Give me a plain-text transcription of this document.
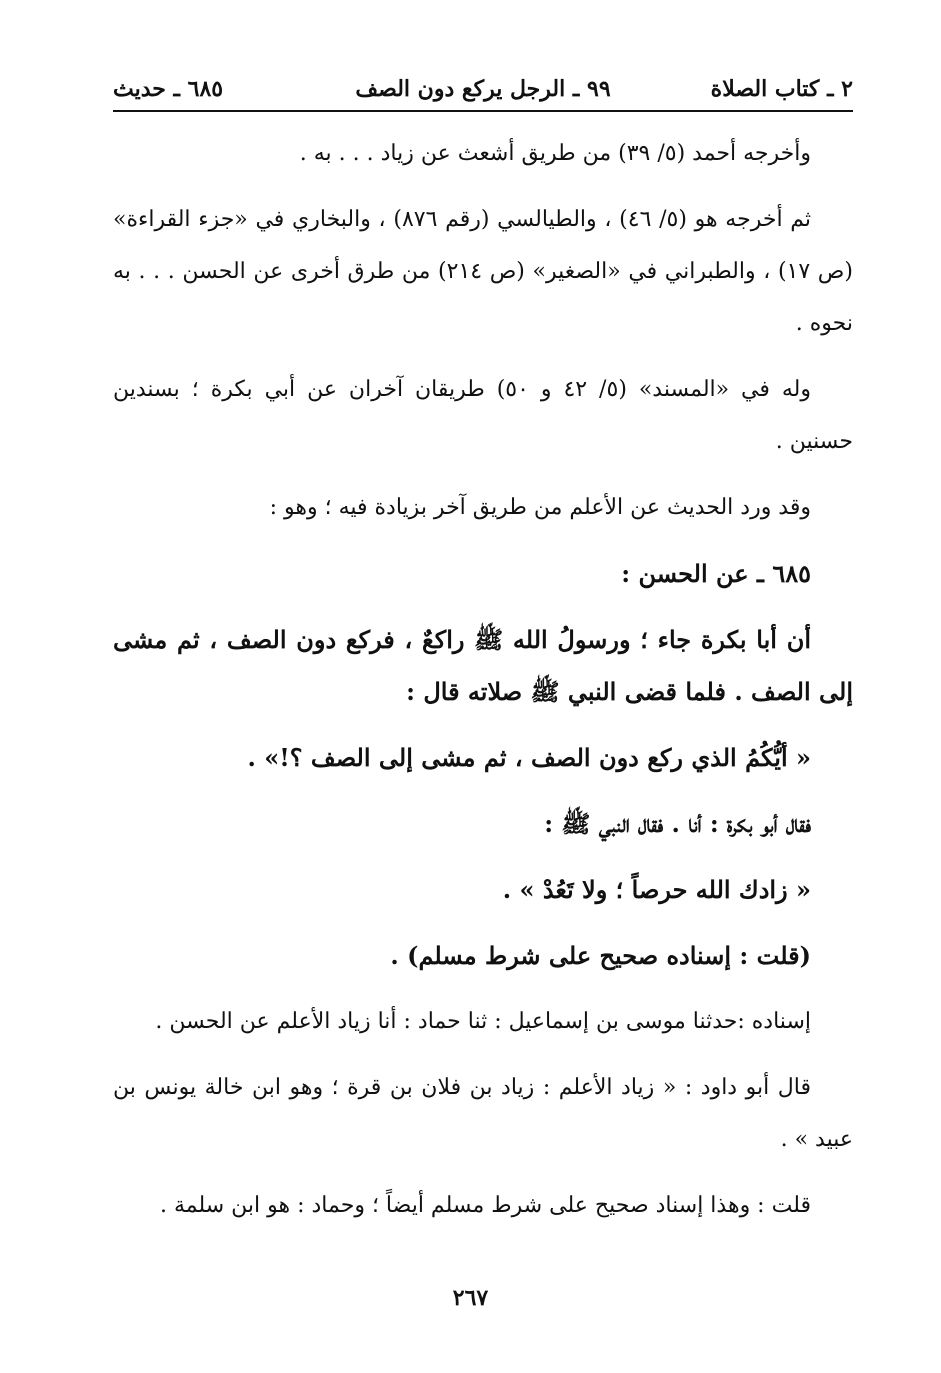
٢ ـ كتاب الصلاة
٩٩ ـ الرجل يركع دون الصف
٦٨٥ ـ حديث

وأخرجه أحمد (٥/ ٣٩) من طريق أشعث عن زياد . . . به .

ثم أخرجه هو (٥/ ٤٦) ، والطيالسي (رقم ٨٧٦) ، والبخاري في «جزء القراءة» (ص ١٧) ، والطبراني في «الصغير» (ص ٢١٤) من طرق أخرى عن الحسن . . . به نحوه .

وله في «المسند» (٥/ ٤٢ و ٥٠) طريقان آخران عن أبي بكرة ؛ بسندين حسنين .

وقد ورد الحديث عن الأعلم من طريق آخر بزيادة فيه ؛ وهو :

٦٨٥ ـ عن الحسن :

أن أبا بكرة جاء ؛ ورسولُ الله ﷺ راكعٌ ، فركع دون الصف ، ثم مشى إلى الصف . فلما قضى النبي ﷺ صلاته قال :

« أيُّكُمُ الذي ركع دون الصف ، ثم مشى إلى الصف ؟!» .

فقال أبو بكرة : أنا . فقال النبي ﷺ :

« زادك الله حرصاً ؛ ولا تَعُدْ » .

(قلت : إسناده صحيح على شرط مسلم) .

إسناده :حدثنا موسى بن إسماعيل : ثنا حماد : أنا زياد الأعلم عن الحسن .

قال أبو داود : « زياد الأعلم : زياد بن فلان بن قرة ؛ وهو ابن خالة يونس بن عبيد » .

قلت : وهذا إسناد صحيح على شرط مسلم أيضاً ؛ وحماد : هو ابن سلمة .

٢٦٧
